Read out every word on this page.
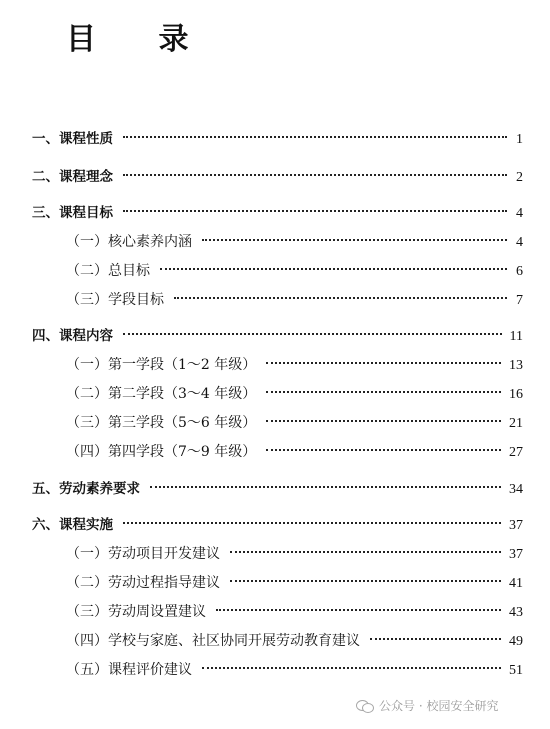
目 录
一、课程性质	1
二、课程理念	2
三、课程目标	4
（一）核心素养内涵	4
（二）总目标	6
（三）学段目标	7
四、课程内容	11
（一）第一学段（1～2 年级）	13
（二）第二学段（3～4 年级）	16
（三）第三学段（5～6 年级）	21
（四）第四学段（7～9 年级）	27
五、劳动素养要求	34
六、课程实施	37
（一）劳动项目开发建议	37
（二）劳动过程指导建议	41
（三）劳动周设置建议	43
（四）学校与家庭、社区协同开展劳动教育建议	49
（五）课程评价建议	51
公众号 · 校园安全研究
